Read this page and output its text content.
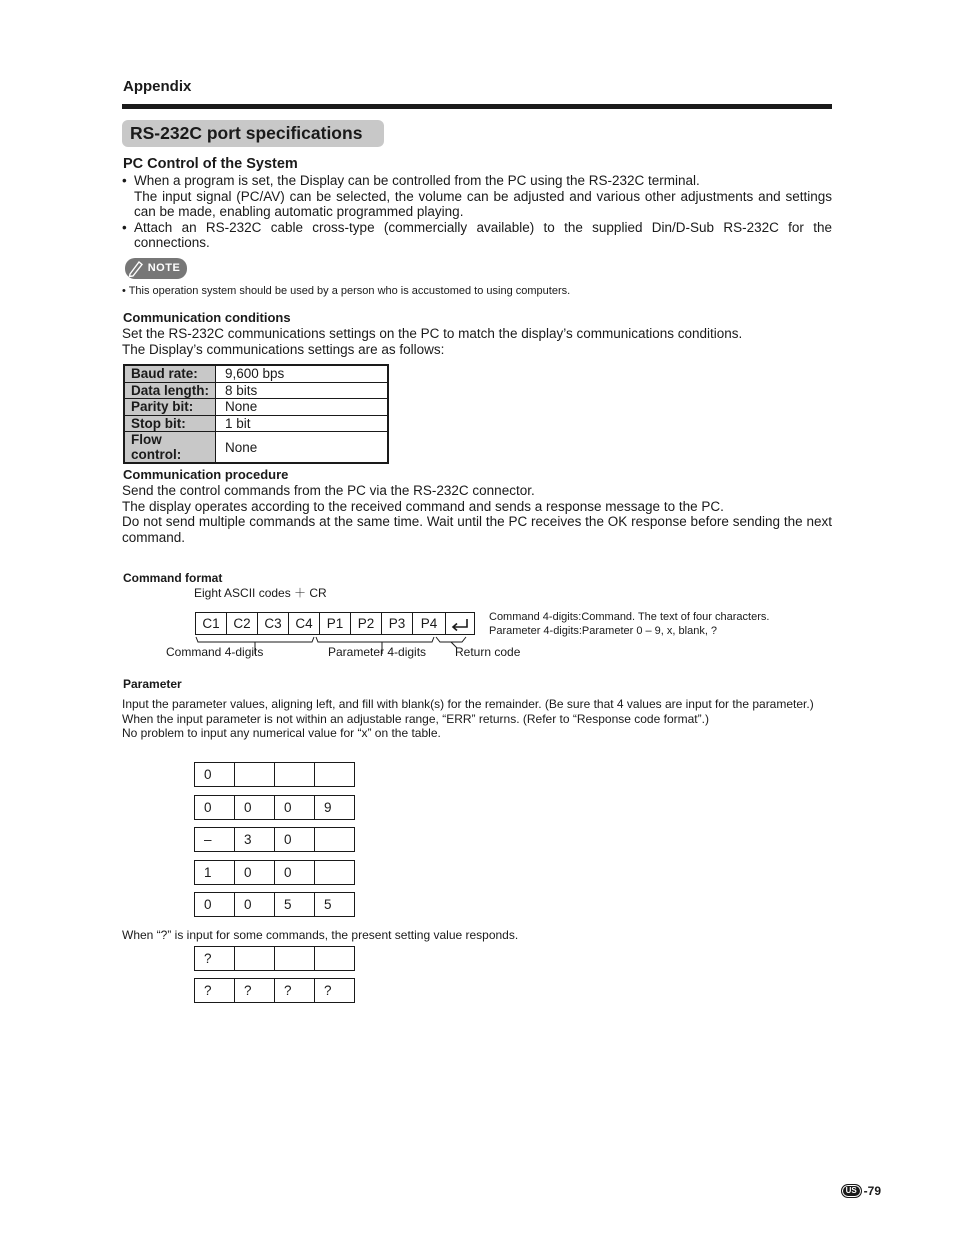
Appendix
RS-232C port specifications
PC Control of the System
• When a program is set, the Display can be controlled from the PC using the RS-232C terminal.
The input signal (PC/AV) can be selected, the volume can be adjusted and various other adjustments and settings can be made, enabling automatic programmed playing.
• Attach an RS-232C cable cross-type (commercially available) to the supplied Din/D-Sub RS-232C for the connections.
NOTE
• This operation system should be used by a person who is accustomed to using computers.
Communication conditions
Set the RS-232C communications settings on the PC to match the display’s communications conditions.
The Display’s communications settings are as follows:
Baud rate:	9,600 bps
Data length:	8 bits
Parity bit:	None
Stop bit:	1 bit
Flow control:	None
Communication procedure
Send the control commands from the PC via the RS-232C connector.
The display operates according to the received command and sends a response message to the PC.
Do not send multiple commands at the same time. Wait until the PC receives the OK response before sending the next command.
Command format
Eight ASCII codes ＋ CR
C1	C2	C3	C4	P1	P2	P3	P4
Command 4-digits	Parameter 4-digits Return code
Command 4-digits:Command. The text of four characters.
Parameter 4-digits:Parameter 0 – 9, x, blank, ?
Parameter
Input the parameter values, aligning left, and fill with blank(s) for the remainder. (Be sure that 4 values are input for the parameter.)
When the input parameter is not within an adjustable range, “ERR” returns. (Refer to “Response code format”.)
No problem to input any numerical value for “x” on the table.
0
0	0	0	9
–	3	0
1	0	0
0	0	5	5
When “?” is input for some commands, the present setting value responds.
?
?	?	?	?
US -79
